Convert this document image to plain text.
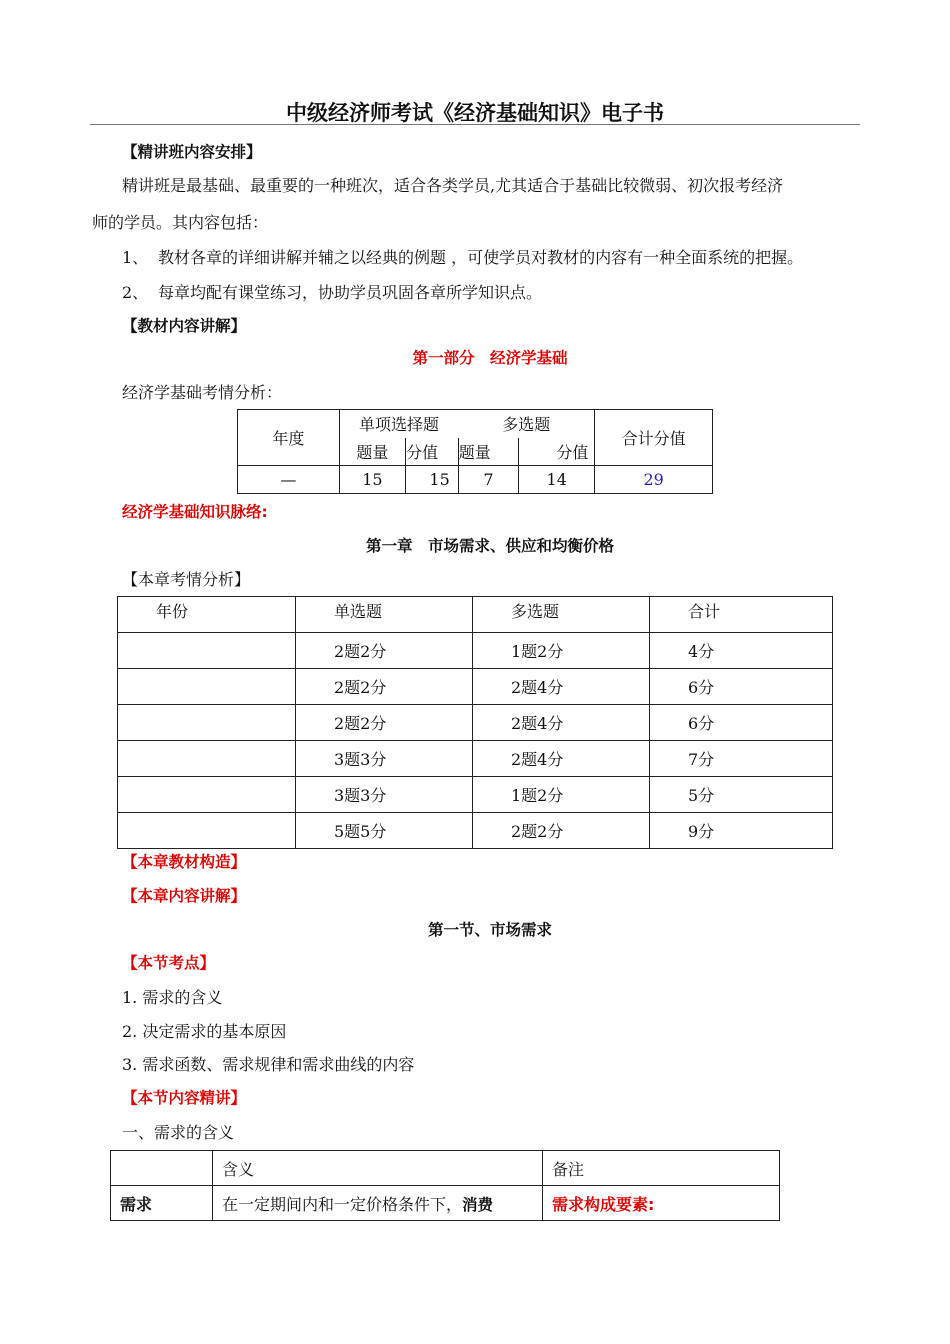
中级经济师考试《经济基础知识》电子书
【精讲班内容安排】
精讲班是最基础、最重要的一种班次，适合各类学员,尤其适合于基础比较微弱、初次报考经济
师的学员。其内容包括：
1、 教材各章的详细讲解并辅之以经典的例题 ，可使学员对教材的内容有一种全面系统的把握。
2、 每章均配有课堂练习，协助学员巩固各章所学知识点。
【教材内容讲解】
第一部分　经济学基础
经济学基础考情分析：
年度	单项选择题		多选题		合计分值
	题量	分值	题量	分值	
—	15	15	7	14	29
经济学基础知识脉络:
第一章　市场需求、供应和均衡价格
【本章考情分析】
年份	单选题	多选题	合计
	2题2分	1题2分	4分
	2题2分	2题4分	6分
	2题2分	2题4分	6分
	3题3分	2题4分	7分
	3题3分	1题2分	5分
	5题5分	2题2分	9分
【本章教材构造】
【本章内容讲解】
第一节、市场需求
【本节考点】
1. 需求的含义
2. 决定需求的基本原因
3. 需求函数、需求规律和需求曲线的内容
【本节内容精讲】
一、需求的含义
	含义	备注
需求	在一定期间内和一定价格条件下，消费	需求构成要素:
